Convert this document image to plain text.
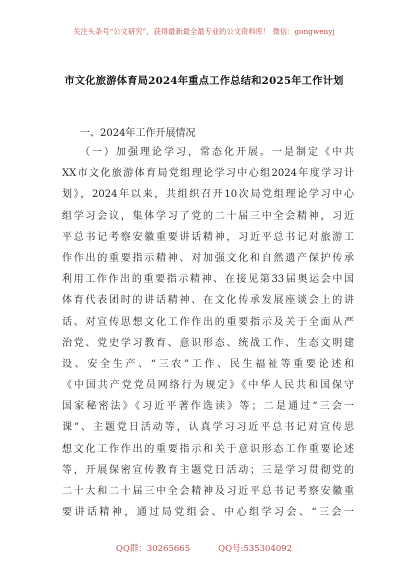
关注头条号“公文研究”，获得最新最全最专业的公文资料库！ 微信：gongwenyj
市文化旅游体育局2024年重点工作总结和2025年工作计划
一、2024年工作开展情况
（一）加强理论学习，常态化开展。一是制定《中共
XX市文化旅游体育局党组理论学习中心组2024年度学习计
划》，2024年以来，共组织召开10次局党组理论学习中心
组学习会议，集体学习了党的二十届三中全会精神，习近
平总书记考察安徽重要讲话精神，习近平总书记对旅游工
作作出的重要指示精神、对加强文化和自然遗产保护传承
利用工作作出的重要指示精神、在接见第33届奥运会中国
体育代表团时的讲话精神、在文化传承发展座谈会上的讲
话、对宣传思想文化工作作出的重要指示及关于全面从严
治党、党史学习教育、意识形态、统战工作、生态文明建
设、安全生产、“三农”工作、民生福祉等重要论述和
《中国共产党党员网络行为规定》《中华人民共和国保守
国家秘密法》《习近平著作选读》等；二是通过“三会一
课”、主题党日活动等，认真学习习近平总书记对宣传思
想文化工作作出的重要指示和关于意识形态工作重要论述
等，开展保密宣传教育主题党日活动；三是学习贯彻党的
二十大和二十届三中全会精神及习近平总书记考察安徽重
要讲话精神，通过局党组会、中心组学习会、“三会一
QQ群：30265665	QQ号:535304092
